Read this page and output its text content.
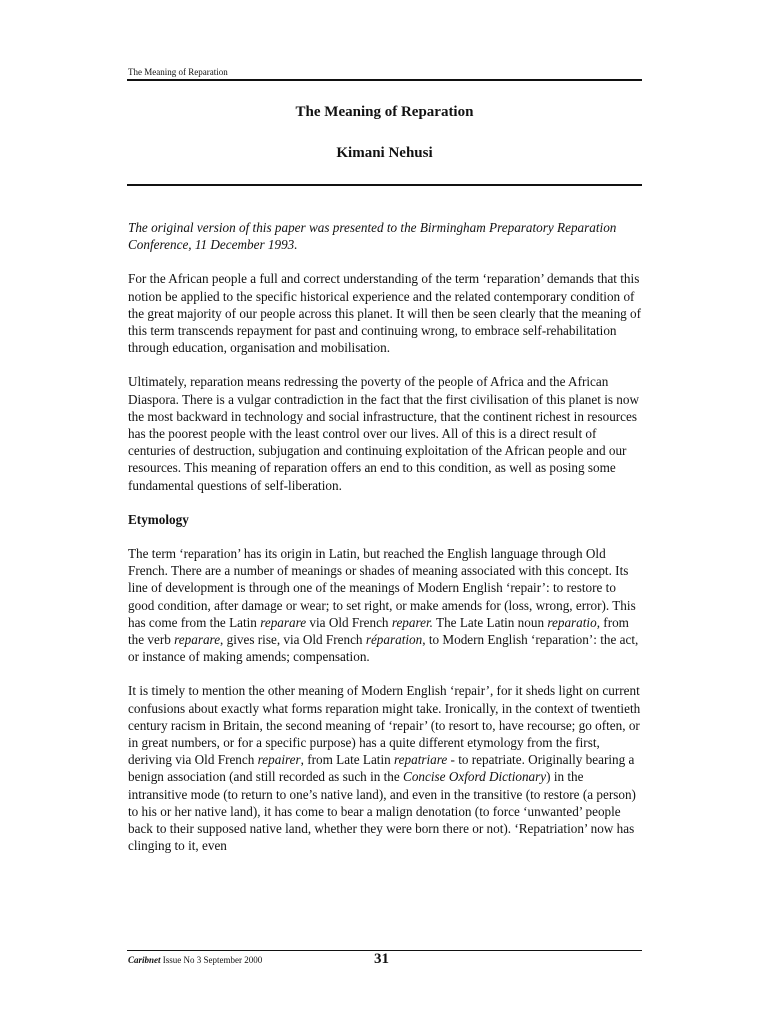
The Meaning of Reparation
The Meaning of Reparation
Kimani Nehusi

The original version of this paper was presented to the Birmingham Preparatory Reparation Conference, 11 December 1993.

For the African people a full and correct understanding of the term ‘reparation’ demands that this notion be applied to the specific historical experience and the related contemporary condition of the great majority of our people across this planet. It will then be seen clearly that the meaning of this term transcends repayment for past and continuing wrong, to embrace self-rehabilitation through education, organisation and mobilisation.

Ultimately, reparation means redressing the poverty of the people of Africa and the African Diaspora. There is a vulgar contradiction in the fact that the first civilisation of this planet is now the most backward in technology and social infrastructure, that the continent richest in resources has the poorest people with the least control over our lives. All of this is a direct result of centuries of destruction, subjugation and continuing exploitation of the African people and our resources. This meaning of reparation offers an end to this condition, as well as posing some fundamental questions of self-liberation.

Etymology

The term ‘reparation’ has its origin in Latin, but reached the English language through Old French. There are a number of meanings or shades of meaning associated with this concept. Its line of development is through one of the meanings of Modern English ‘repair’: to restore to good condition, after damage or wear; to set right, or make amends for (loss, wrong, error). This has come from the Latin reparare via Old French reparer. The Late Latin noun reparatio, from the verb reparare, gives rise, via Old French réparation, to Modern English ‘reparation’: the act, or instance of making amends; compensation.

It is timely to mention the other meaning of Modern English ‘repair’, for it sheds light on current confusions about exactly what forms reparation might take. Ironically, in the context of twentieth century racism in Britain, the second meaning of ‘repair’ (to resort to, have recourse; go often, or in great numbers, or for a specific purpose) has a quite different etymology from the first, deriving via Old French repairer, from Late Latin repatriare - to repatriate. Originally bearing a benign association (and still recorded as such in the Concise Oxford Dictionary) in the intransitive mode (to return to one’s native land), and even in the transitive (to restore (a person) to his or her native land), it has come to bear a malign denotation (to force ‘unwanted’ people back to their supposed native land, whether they were born there or not). ‘Repatriation’ now has clinging to it, even

Caribnet Issue No 3 September 2000	31
